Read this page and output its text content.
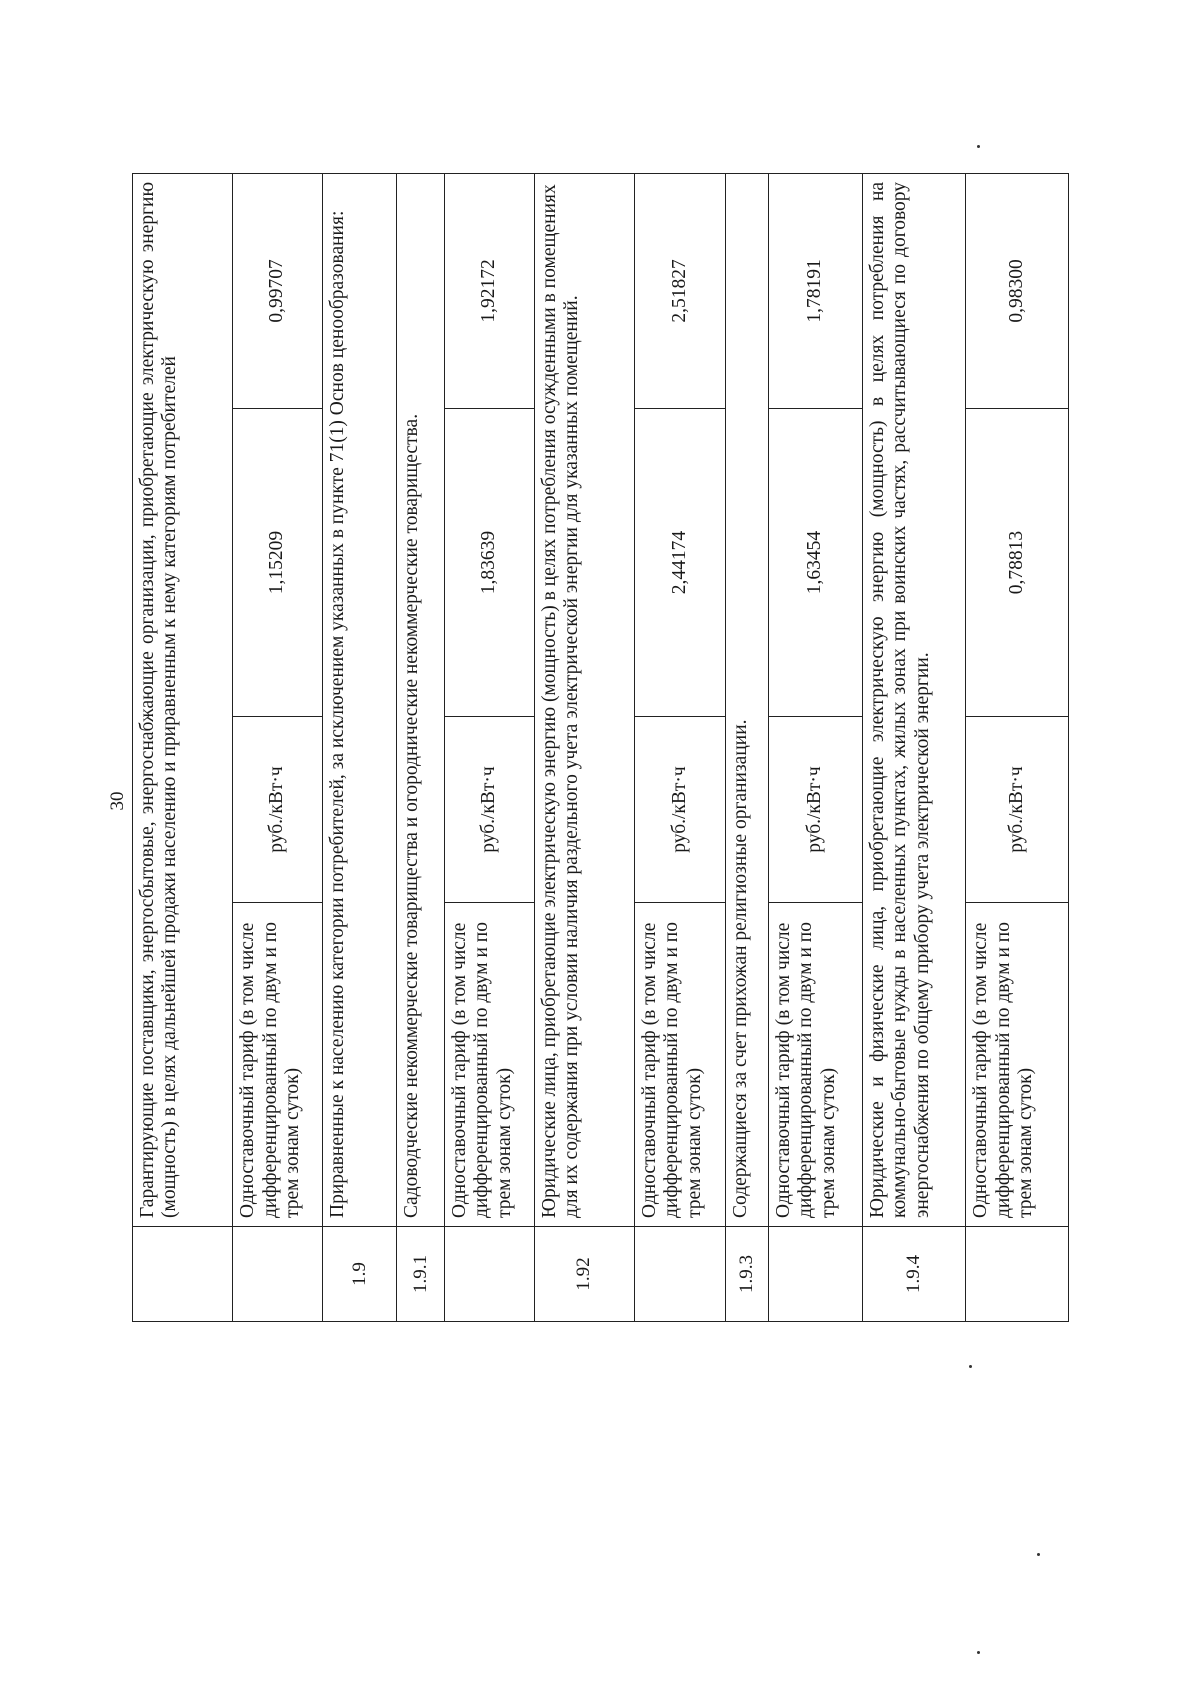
30
	Гарантирующие поставщики, энергосбытовые, энергоснабжающие организации, приобретающие электрическую энергию (мощность) в целях дальнейшей продажи населению и приравненным к нему категориям потребителей			
	Одноставочный тариф (в том числе дифференцированный по двум и по трем зонам суток)	руб./кВт·ч	1,15209	0,99707
1.9	Приравненные к населению категории потребителей, за исключением указанных в пункте 71(1) Основ ценообразования:			
1.9.1	Садоводческие некоммерческие товарищества и огороднические некоммерческие товарищества.			
	Одноставочный тариф (в том числе дифференцированный по двум и по трем зонам суток)	руб./кВт·ч	1,83639	1,92172
1.92	Юридические лица, приобретающие электрическую энергию (мощность) в целях потребления осужденными в помещениях для их содержания при условии наличия раздельного учета электрической энергии для указанных помещений.			
	Одноставочный тариф (в том числе дифференцированный по двум и по трем зонам суток)	руб./кВт·ч	2,44174	2,51827
1.9.3	Содержащиеся за счет прихожан религиозные организации.			
	Одноставочный тариф (в том числе дифференцированный по двум и по трем зонам суток)	руб./кВт·ч	1,63454	1,78191
1.9.4	Юридические и физические лица, приобретающие электрическую энергию (мощность) в целях потребления на коммунально-бытовые нужды в населенных пунктах, жилых зонах при воинских частях, рассчитывающиеся по договору энергоснабжения по общему прибору учета электрической энергии.			
	Одноставочный тариф (в том числе дифференцированный по двум и по трем зонам суток)	руб./кВт·ч	0,78813	0,98300
